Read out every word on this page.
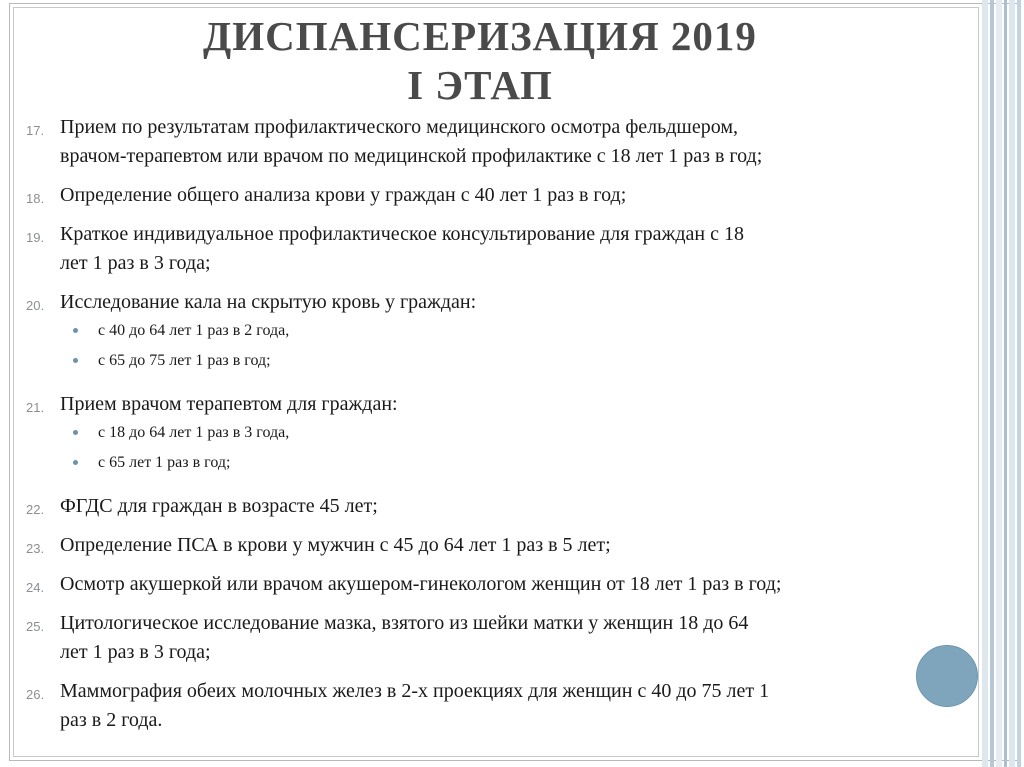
ДИСПАНСЕРИЗАЦИЯ 2019
I ЭТАП
17. Прием по результатам профилактического медицинского осмотра фельдшером,
врачом-терапевтом или врачом по медицинской профилактике с 18 лет 1 раз в год;
18. Определение общего анализа крови у граждан с 40 лет 1 раз в год;
19. Краткое индивидуальное профилактическое консультирование для граждан с 18
лет 1 раз в 3 года;
20. Исследование кала на скрытую кровь у граждан:
с 40 до 64 лет 1 раз в 2 года,
с 65 до 75 лет 1 раз в год;
21. Прием врачом терапевтом для граждан:
с 18 до 64 лет 1 раз в 3 года,
с 65 лет 1 раз в год;
22. ФГДС для граждан в возрасте 45 лет;
23. Определение ПСА в крови у мужчин с 45 до 64 лет 1 раз в 5 лет;
24. Осмотр акушеркой или врачом акушером-гинекологом женщин от 18 лет 1 раз в год;
25. Цитологическое исследование мазка, взятого из шейки матки у женщин 18 до 64
лет 1 раз в 3 года;
26. Маммография обеих молочных желез в 2-х проекциях для женщин с 40 до 75 лет 1
раз в 2 года.
